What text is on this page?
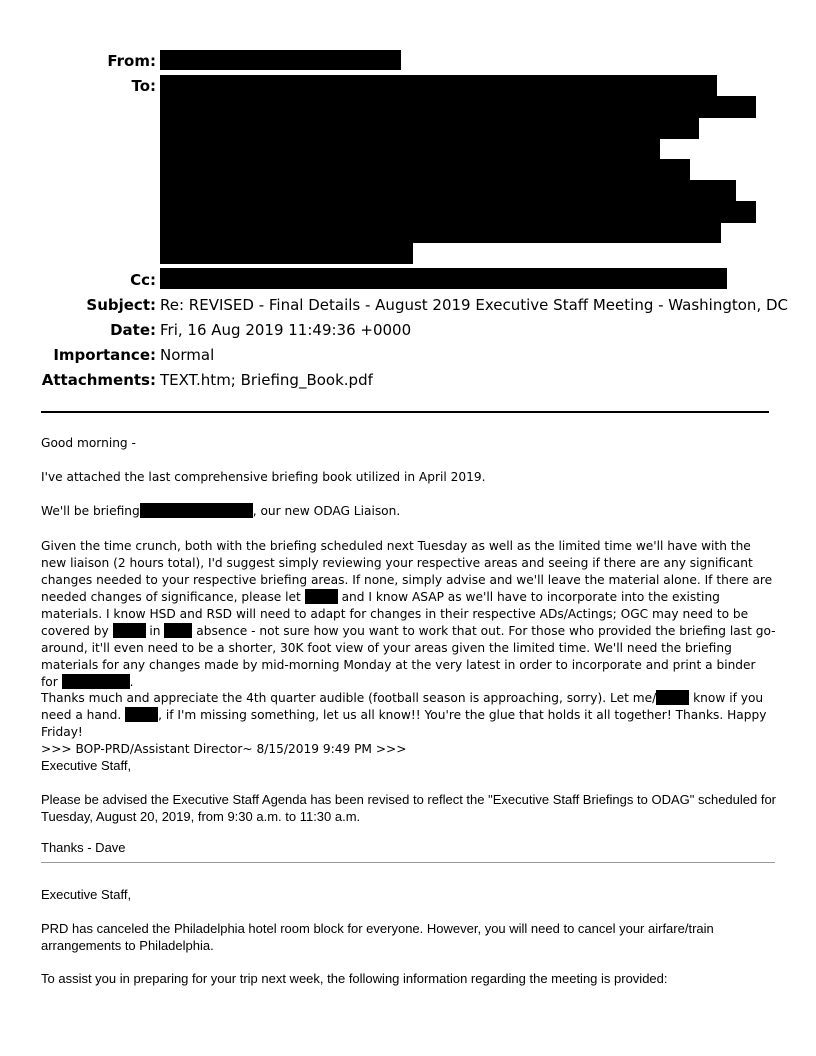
From:
To:
Cc:
Subject: Re: REVISED - Final Details - August 2019 Executive Staff Meeting - Washington, DC
Date: Fri, 16 Aug 2019 11:49:36 +0000
Importance: Normal
Attachments: TEXT.htm; Briefing_Book.pdf
Good morning -
I've attached the last comprehensive briefing book utilized in April 2019.
We'll be briefing	, our new ODAG Liaison.
Given the time crunch, both with the briefing scheduled next Tuesday as well as the limited time we'll have with the new liaison (2 hours total), I'd suggest simply reviewing your respective areas and seeing if there are any significant changes needed to your respective briefing areas. If none, simply advise and we'll leave the material alone. If there are needed changes of significance, please let	and I know ASAP as we'll have to incorporate into the existing materials. I know HSD and RSD will need to adapt for changes in their respective ADs/Actings; OGC may need to be covered by	in	absence - not sure how you want to work that out. For those who provided the briefing last go-around, it'll even need to be a shorter, 30K foot view of your areas given the limited time. We'll need the briefing materials for any changes made by mid-morning Monday at the very latest in order to incorporate and print a binder for	.
Thanks much and appreciate the 4th quarter audible (football season is approaching, sorry). Let me/	know if you need a hand.	, if I'm missing something, let us all know!! You're the glue that holds it all together! Thanks. Happy Friday!
>>> BOP-PRD/Assistant Director~ 8/15/2019 9:49 PM >>>
Executive Staff,
Please be advised the Executive Staff Agenda has been revised to reflect the "Executive Staff Briefings to ODAG" scheduled for Tuesday, August 20, 2019, from 9:30 a.m. to 11:30 a.m.
Thanks - Dave
Executive Staff,
PRD has canceled the Philadelphia hotel room block for everyone. However, you will need to cancel your airfare/train arrangements to Philadelphia.
To assist you in preparing for your trip next week, the following information regarding the meeting is provided:
